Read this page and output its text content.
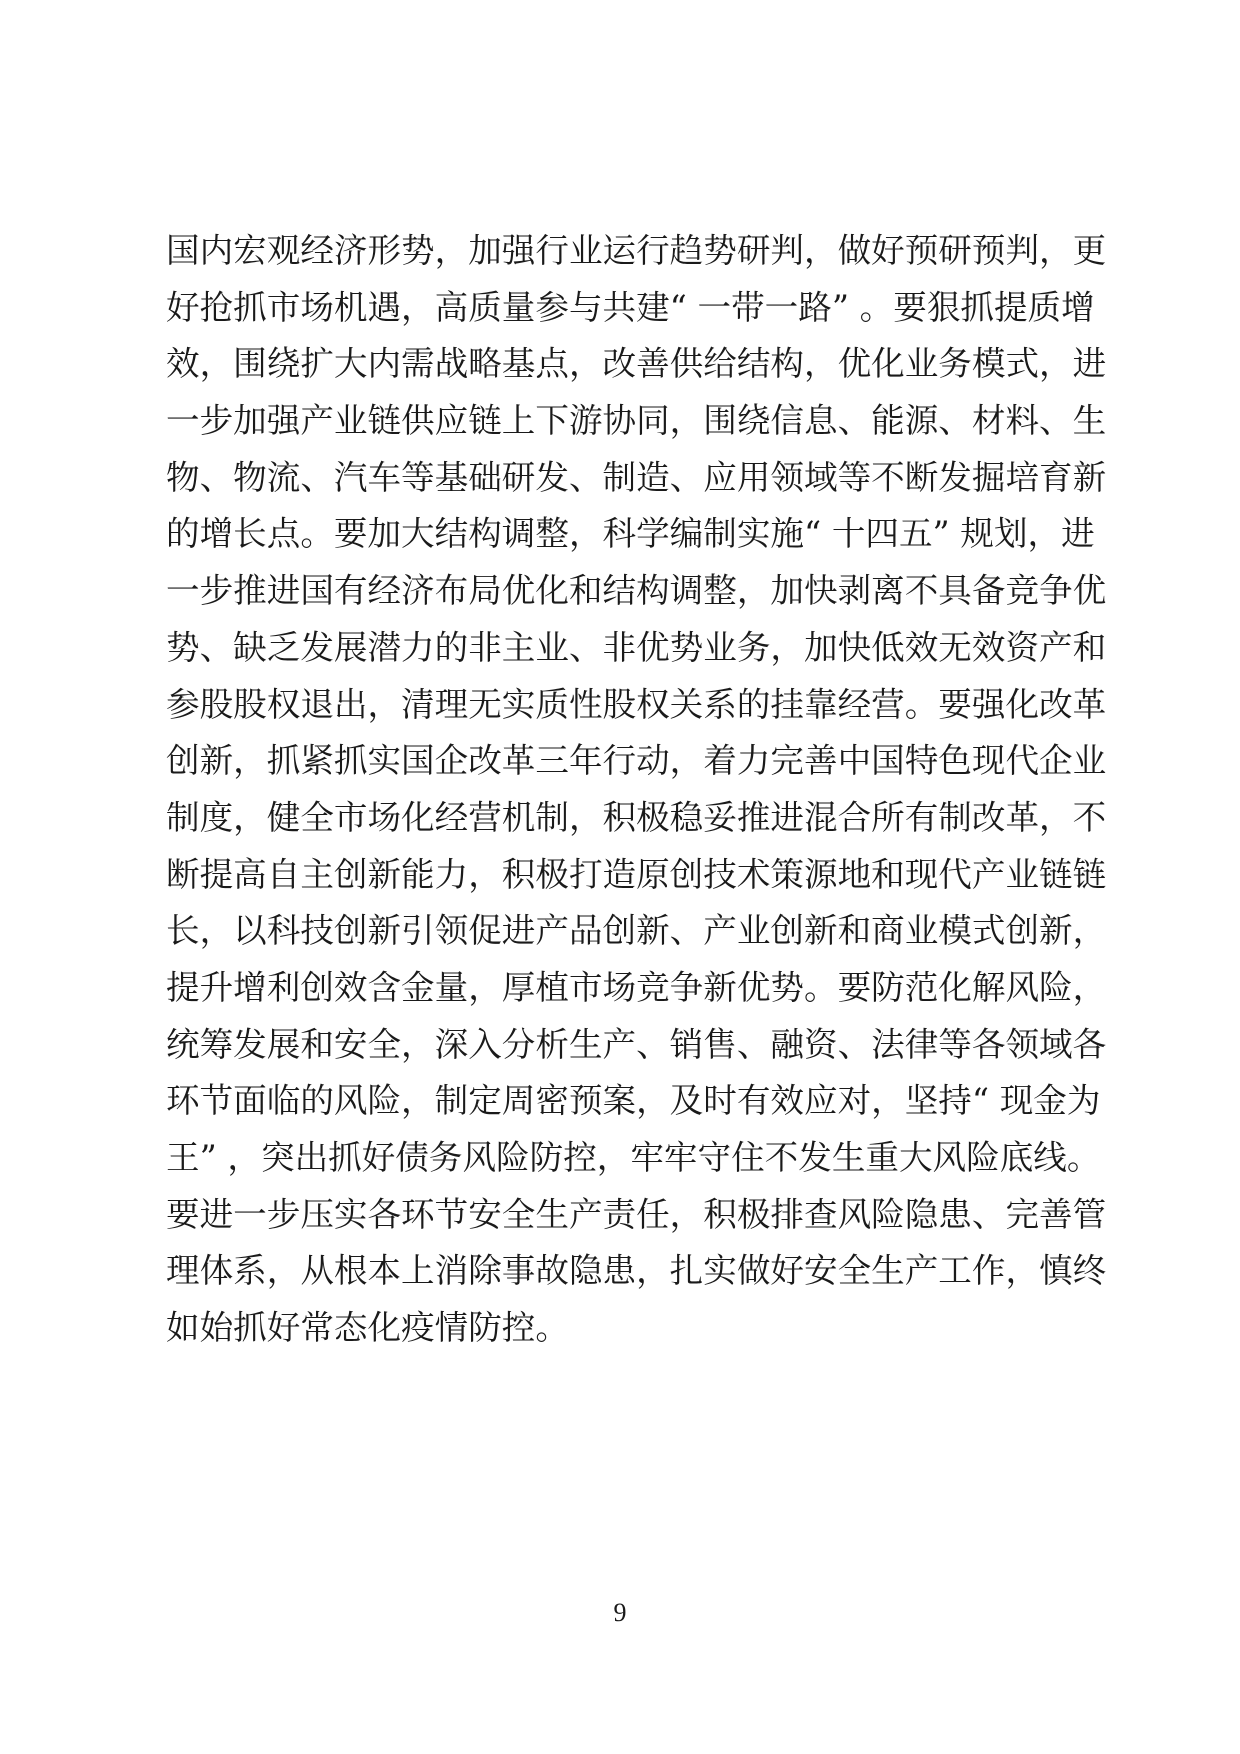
国内宏观经济形势，加强行业运行趋势研判，做好预研预判，更
好抢抓市场机遇，高质量参与共建“ 一带一路” 。要狠抓提质增
效，围绕扩大内需战略基点，改善供给结构，优化业务模式，进
一步加强产业链供应链上下游协同，围绕信息、能源、材料、生
物、物流、汽车等基础研发、制造、应用领域等不断发掘培育新
的增长点。要加大结构调整，科学编制实施“ 十四五” 规划，进
一步推进国有经济布局优化和结构调整，加快剥离不具备竞争优
势、缺乏发展潜力的非主业、非优势业务，加快低效无效资产和
参股股权退出，清理无实质性股权关系的挂靠经营。要强化改革
创新，抓紧抓实国企改革三年行动，着力完善中国特色现代企业
制度，健全市场化经营机制，积极稳妥推进混合所有制改革，不
断提高自主创新能力，积极打造原创技术策源地和现代产业链链
长，以科技创新引领促进产品创新、产业创新和商业模式创新，
提升增利创效含金量，厚植市场竞争新优势。要防范化解风险，
统筹发展和安全，深入分析生产、销售、融资、法律等各领域各
环节面临的风险，制定周密预案，及时有效应对，坚持“ 现金为
王” ，突出抓好债务风险防控，牢牢守住不发生重大风险底线。
要进一步压实各环节安全生产责任，积极排查风险隐患、完善管
理体系，从根本上消除事故隐患，扎实做好安全生产工作，慎终
如始抓好常态化疫情防控。
9
